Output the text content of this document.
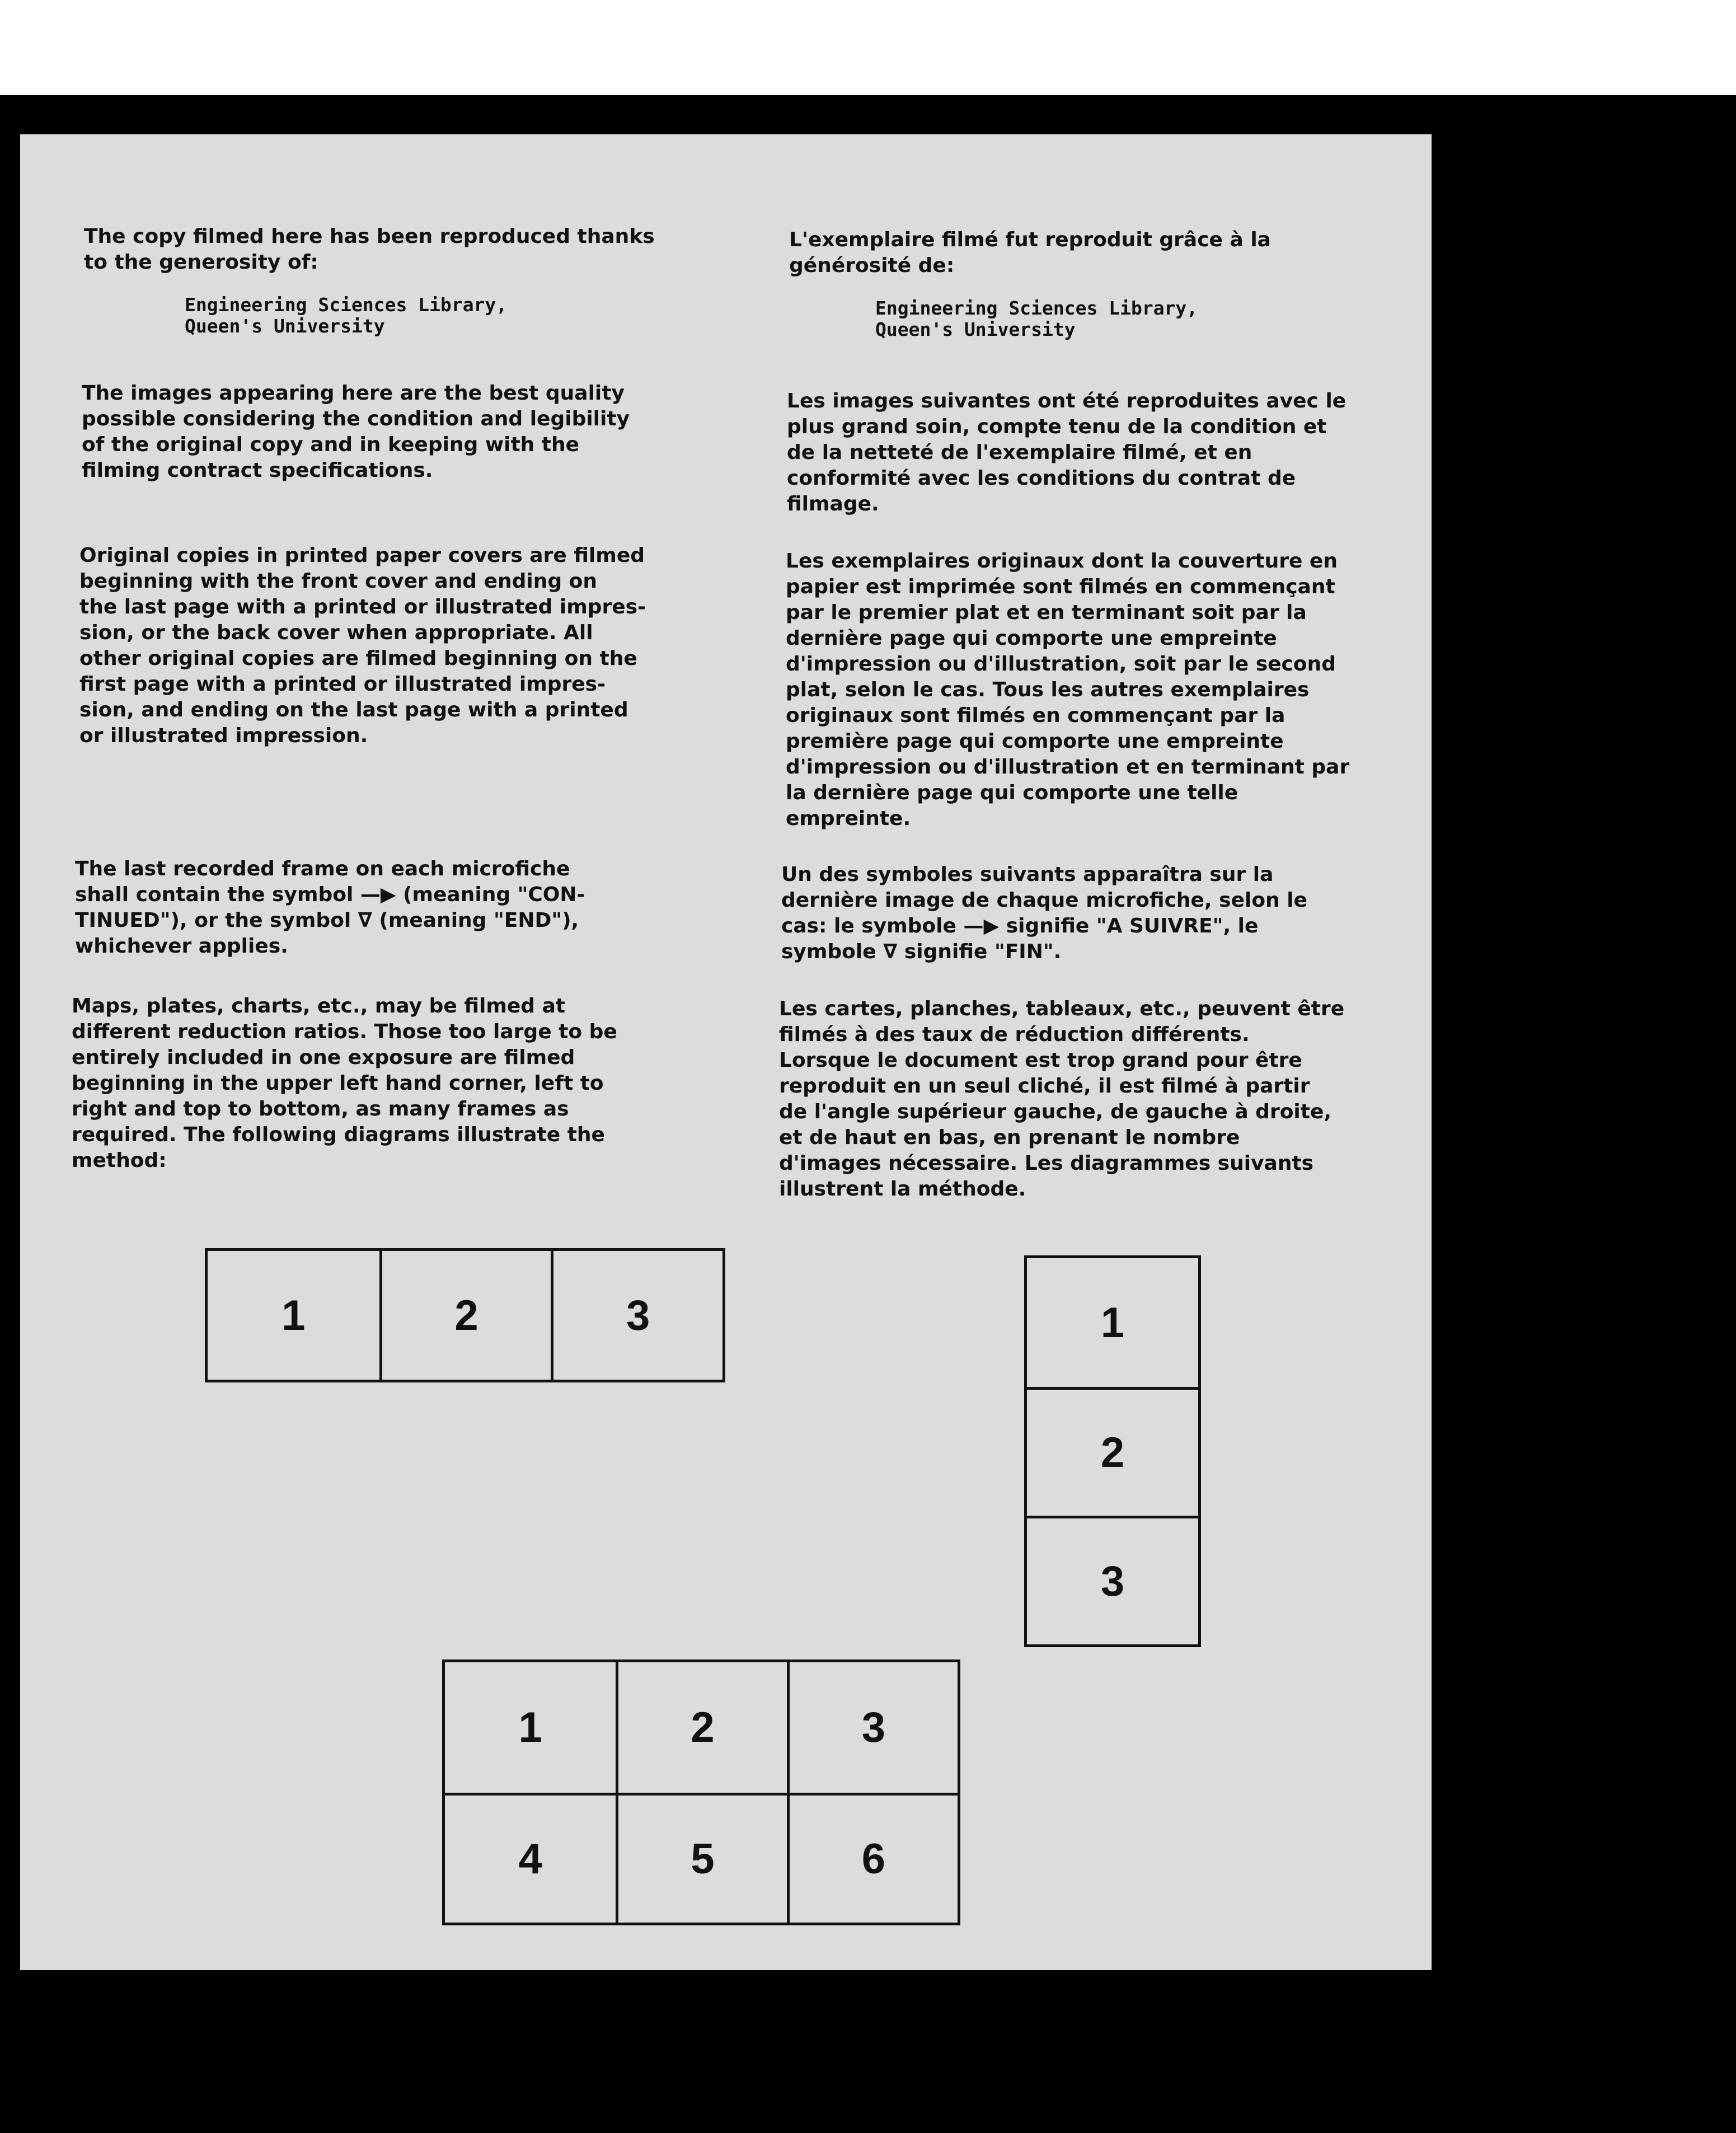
The copy filmed here has been reproduced thanks
to the generosity of:

Engineering Sciences Library,
Queen's University

The images appearing here are the best quality
possible considering the condition and legibility
of the original copy and in keeping with the
filming contract specifications.

Original copies in printed paper covers are filmed
beginning with the front cover and ending on
the last page with a printed or illustrated impres-
sion, or the back cover when appropriate. All
other original copies are filmed beginning on the
first page with a printed or illustrated impres-
sion, and ending on the last page with a printed
or illustrated impression.

The last recorded frame on each microfiche
shall contain the symbol —▶ (meaning "CON-
TINUED"), or the symbol ∇ (meaning "END"),
whichever applies.

Maps, plates, charts, etc., may be filmed at
different reduction ratios. Those too large to be
entirely included in one exposure are filmed
beginning in the upper left hand corner, left to
right and top to bottom, as many frames as
required. The following diagrams illustrate the
method:

L'exemplaire filmé fut reproduit grâce à la
générosité de:

Engineering Sciences Library,
Queen's University

Les images suivantes ont été reproduites avec le
plus grand soin, compte tenu de la condition et
de la netteté de l'exemplaire filmé, et en
conformité avec les conditions du contrat de
filmage.

Les exemplaires originaux dont la couverture en
papier est imprimée sont filmés en commençant
par le premier plat et en terminant soit par la
dernière page qui comporte une empreinte
d'impression ou d'illustration, soit par le second
plat, selon le cas. Tous les autres exemplaires
originaux sont filmés en commençant par la
première page qui comporte une empreinte
d'impression ou d'illustration et en terminant par
la dernière page qui comporte une telle
empreinte.

Un des symboles suivants apparaîtra sur la
dernière image de chaque microfiche, selon le
cas: le symbole —▶ signifie "A SUIVRE", le
symbole ∇ signifie "FIN".

Les cartes, planches, tableaux, etc., peuvent être
filmés à des taux de réduction différents.
Lorsque le document est trop grand pour être
reproduit en un seul cliché, il est filmé à partir
de l'angle supérieur gauche, de gauche à droite,
et de haut en bas, en prenant le nombre
d'images nécessaire. Les diagrammes suivants
illustrent la méthode.

1	2	3	1
2
3
1	2	3
4	5	6
